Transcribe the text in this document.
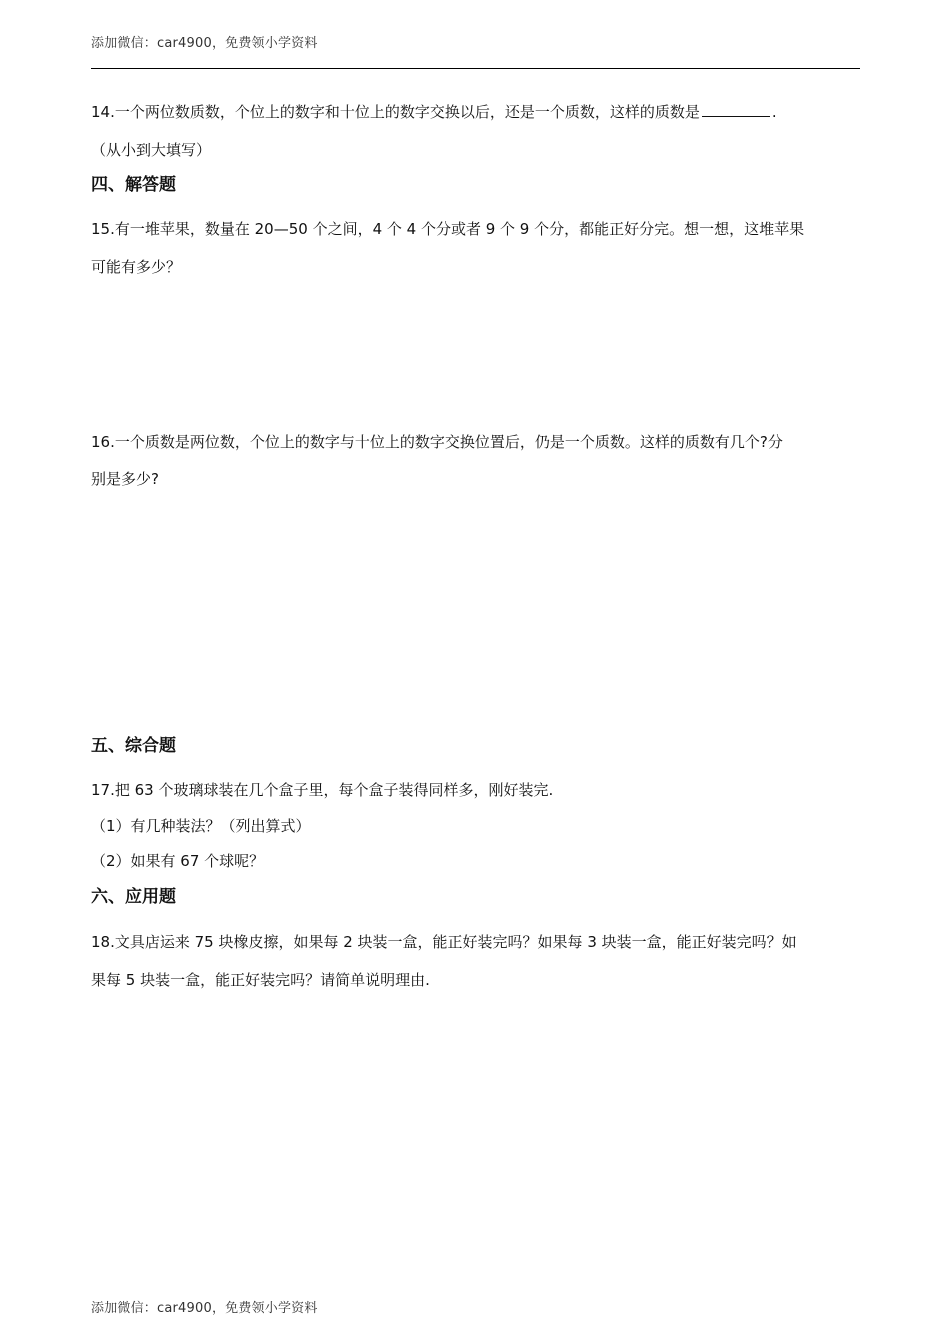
添加微信：car4900，免费领小学资料
14.一个两位数质数，个位上的数字和十位上的数字交换以后，还是一个质数，这样的质数是	.
（从小到大填写）
四、解答题
15.有一堆苹果，数量在 20—50 个之间，4 个 4 个分或者 9 个 9 个分，都能正好分完。想一想，这堆苹果
可能有多少？
16.一个质数是两位数，个位上的数字与十位上的数字交换位置后，仍是一个质数。这样的质数有几个?分
别是多少?
五、综合题
17.把 63 个玻璃球装在几个盒子里，每个盒子装得同样多，刚好装完.
（1）有几种装法？（列出算式）
（2）如果有 67 个球呢？
六、应用题
18.文具店运来 75 块橡皮擦，如果每 2 块装一盒，能正好装完吗？如果每 3 块装一盒，能正好装完吗？如
果每 5 块装一盒，能正好装完吗？请简单说明理由.
添加微信：car4900，免费领小学资料
